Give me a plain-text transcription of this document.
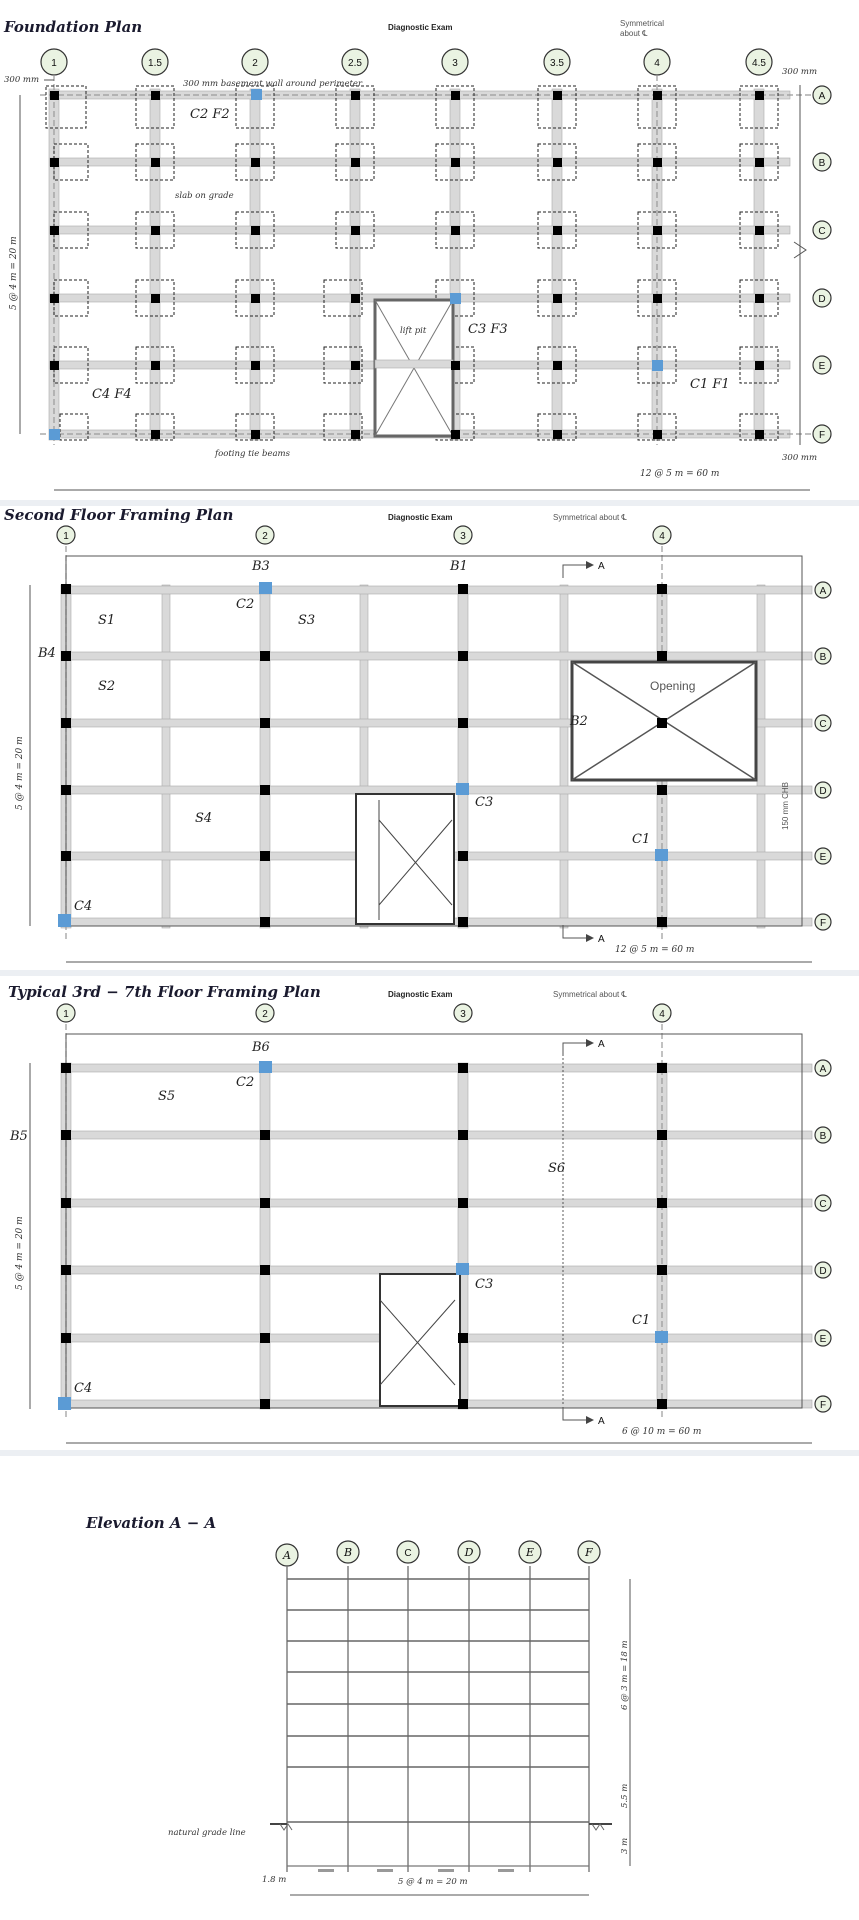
Foundation Plan	Diagnostic Exam	Symmetrical
about ℄
1	1.5	2	2.5	3	3.5	4	4.5
A
B
C
D
E
F
lift pit
300 mm basement wall around perimeter
C2 F2
slab on grade
C3 F3
C4 F4
C1 F1
footing tie beams
300 mm
300 mm
300 mm
5 @ 4 m = 20 m
12 @ 5 m = 60 m
Second Floor Framing Plan	Diagnostic Exam	Symmetrical about ℄
1	2	3	4
A
B
C
D
E
F
Opening
B3	B1
C2
S1	S3
B4
S2
B2
C3
S4
C1
C4
150 mm CHB
A
A
5 @ 4 m = 20 m
12 @ 5 m = 60 m
Typical 3rd − 7th Floor Framing Plan	Diagnostic Exam	Symmetrical about ℄
1	2	3	4
A
B
C
D
E
F
B6
C2
S5
B5
S6
C3
C1
C4
A
A
5 @ 4 m = 20 m
6 @ 10 m = 60 m
Elevation A − A
A	B	C	D	E	F
natural grade line
1.8 m	5 @ 4 m = 20 m
6 @ 3 m = 18 m
5.5 m
3 m
